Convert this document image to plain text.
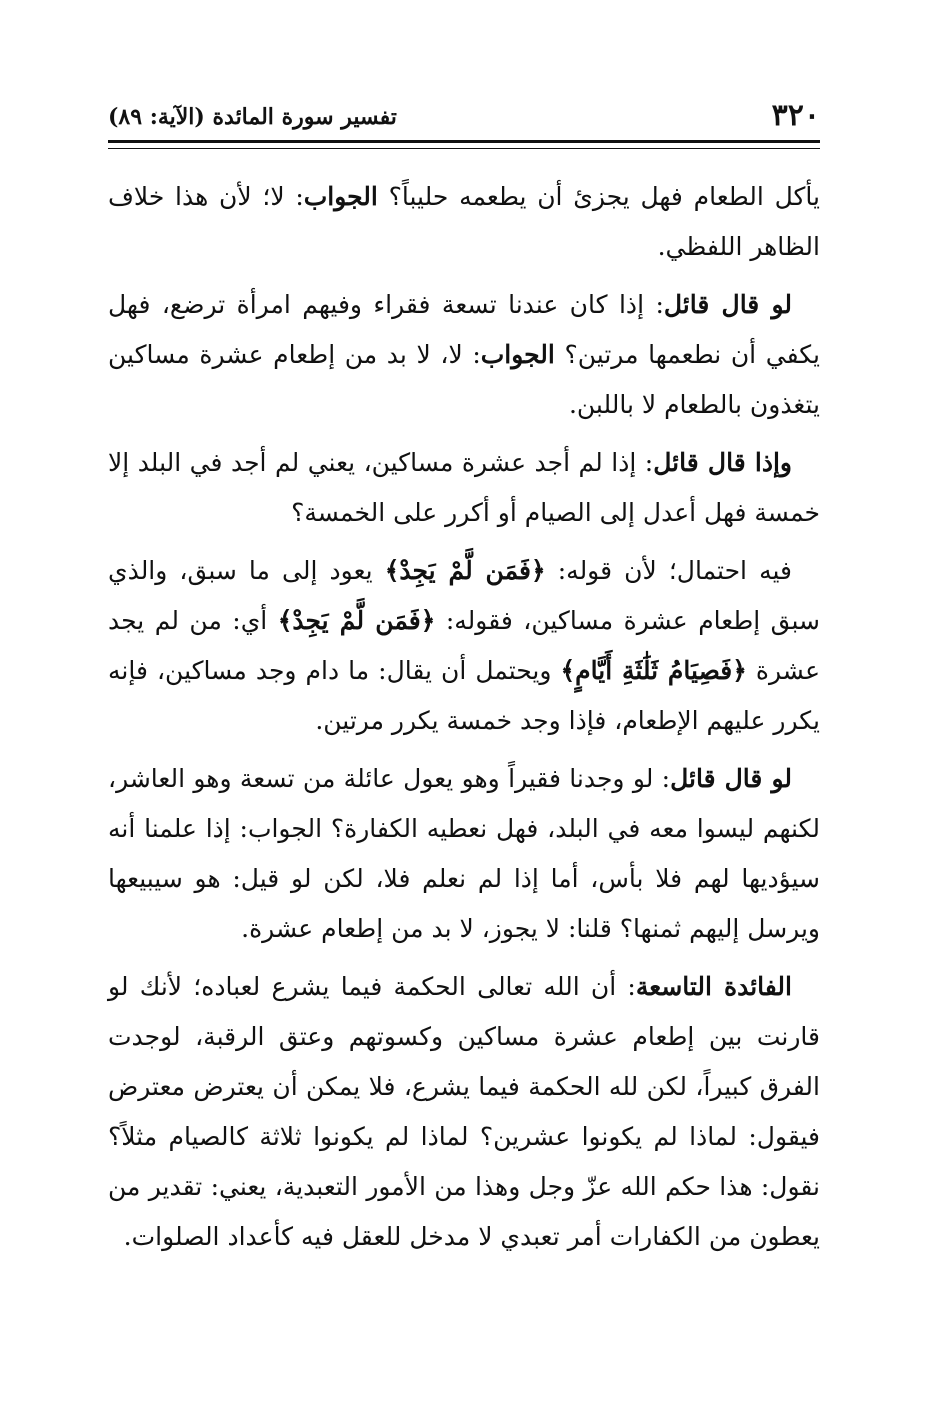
٣٢٠
تفسير سورة المائدة (الآية: ٨٩)

يأكل الطعام فهل يجزئ أن يطعمه حليباً؟ الجواب: لا؛ لأن هذا خلاف الظاهر اللفظي.

لو قال قائل: إذا كان عندنا تسعة فقراء وفيهم امرأة ترضع، فهل يكفي أن نطعمها مرتين؟ الجواب: لا، لا بد من إطعام عشرة مساكين يتغذون بالطعام لا باللبن.

وإذا قال قائل: إذا لم أجد عشرة مساكين، يعني لم أجد في البلد إلا خمسة فهل أعدل إلى الصيام أو أكرر على الخمسة؟

فيه احتمال؛ لأن قوله: ﴿فَمَن لَّمْ يَجِدْ﴾ يعود إلى ما سبق، والذي سبق إطعام عشرة مساكين، فقوله: ﴿فَمَن لَّمْ يَجِدْ﴾ أي: من لم يجد عشرة ﴿فَصِيَامُ ثَلَٰثَةِ أَيَّامٍ﴾ ويحتمل أن يقال: ما دام وجد مساكين، فإنه يكرر عليهم الإطعام، فإذا وجد خمسة يكرر مرتين.

لو قال قائل: لو وجدنا فقيراً وهو يعول عائلة من تسعة وهو العاشر، لكنهم ليسوا معه في البلد، فهل نعطيه الكفارة؟ الجواب: إذا علمنا أنه سيؤديها لهم فلا بأس، أما إذا لم نعلم فلا، لكن لو قيل: هو سيبيعها ويرسل إليهم ثمنها؟ قلنا: لا يجوز، لا بد من إطعام عشرة.

الفائدة التاسعة: أن الله تعالى الحكمة فيما يشرع لعباده؛ لأنك لو قارنت بين إطعام عشرة مساكين وكسوتهم وعتق الرقبة، لوجدت الفرق كبيراً، لكن لله الحكمة فيما يشرع، فلا يمكن أن يعترض معترض فيقول: لماذا لم يكونوا عشرين؟ لماذا لم يكونوا ثلاثة كالصيام مثلاً؟ نقول: هذا حكم الله عزّ وجل وهذا من الأمور التعبدية، يعني: تقدير من يعطون من الكفارات أمر تعبدي لا مدخل للعقل فيه كأعداد الصلوات.
